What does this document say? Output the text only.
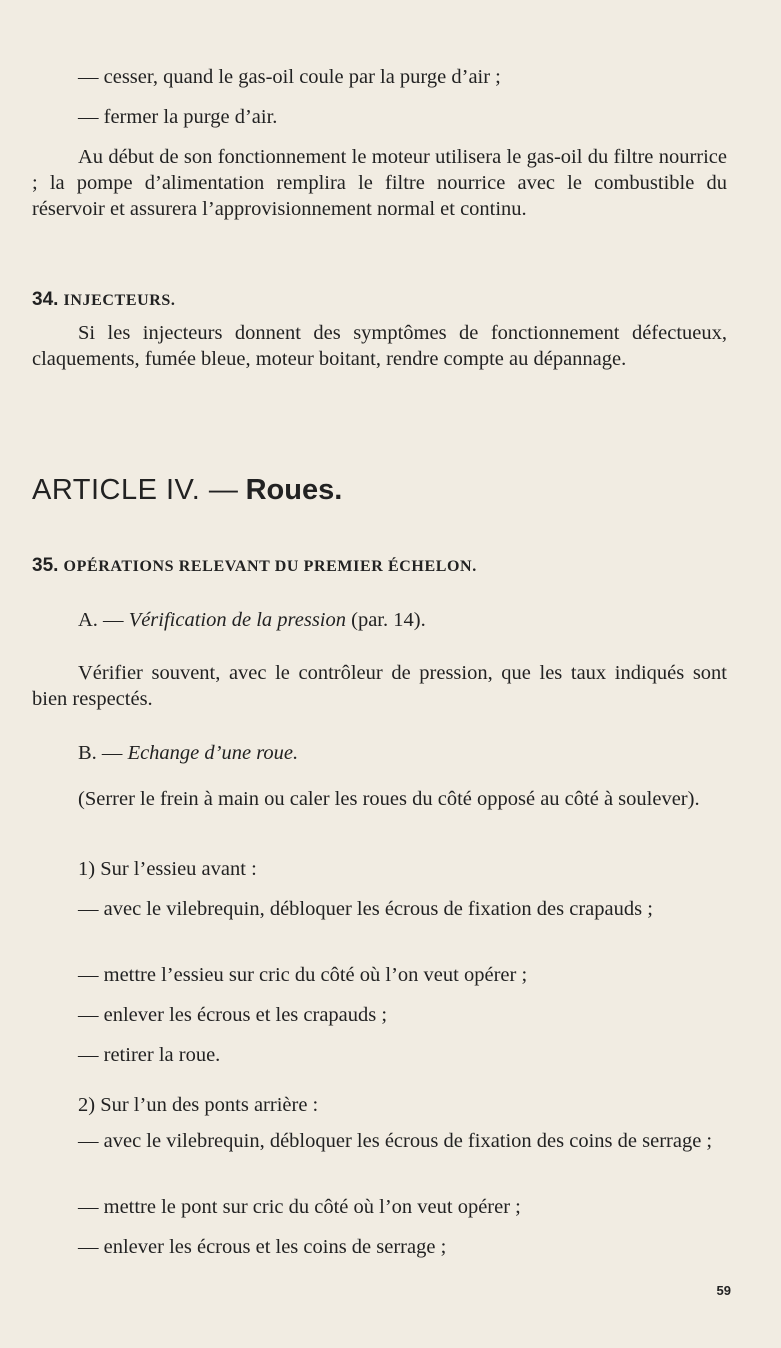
— cesser, quand le gas-oil coule par la purge d’air ;
— fermer la purge d’air.
Au début de son fonctionnement le moteur utilisera le gas-oil du filtre nourrice ; la pompe d’alimentation remplira le filtre nourrice avec le combustible du réservoir et assurera l’approvisionnement normal et continu.
34. INJECTEURS.
Si les injecteurs donnent des symptômes de fonctionnement défectueux, claquements, fumée bleue, moteur boitant, rendre compte au dépannage.
ARTICLE IV. — Roues.
35. OPÉRATIONS RELEVANT DU PREMIER ÉCHELON.
A. — Vérification de la pression (par. 14).
Vérifier souvent, avec le contrôleur de pression, que les taux indiqués sont bien respectés.
B. — Echange d’une roue.
(Serrer le frein à main ou caler les roues du côté opposé au côté à soulever).
1) Sur l’essieu avant :
— avec le vilebrequin, débloquer les écrous de fixation des crapauds ;
— mettre l’essieu sur cric du côté où l’on veut opérer ;
— enlever les écrous et les crapauds ;
— retirer la roue.
2) Sur l’un des ponts arrière :
— avec le vilebrequin, débloquer les écrous de fixation des coins de serrage ;
— mettre le pont sur cric du côté où l’on veut opérer ;
— enlever les écrous et les coins de serrage ;
59
